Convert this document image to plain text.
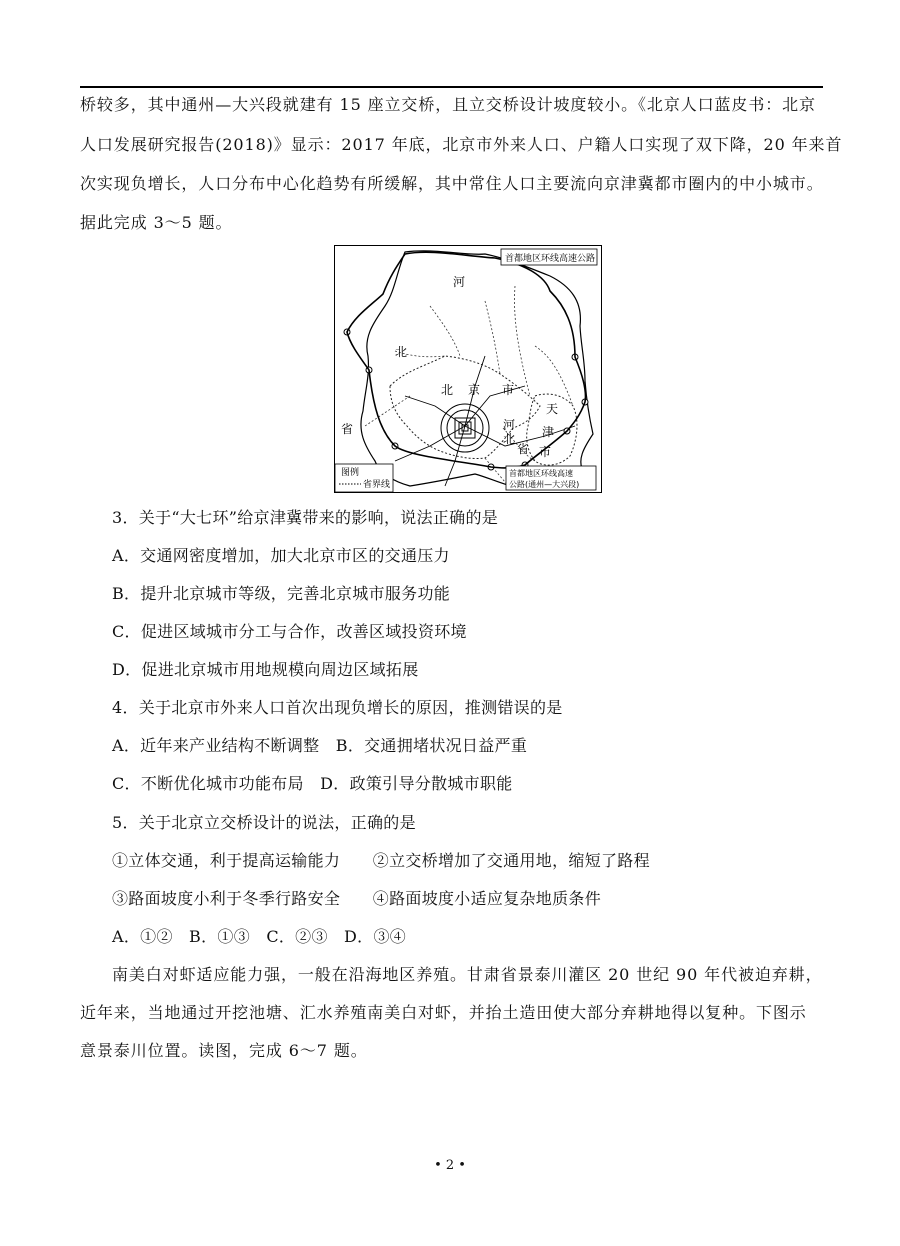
桥较多，其中通州—大兴段就建有 15 座立交桥，且立交桥设计坡度较小。《北京人口蓝皮书：北京
人口发展研究报告(2018)》显示：2017 年底，北京市外来人口、户籍人口实现了双下降，20 年来首
次实现负增长，人口分布中心化趋势有所缓解，其中常住人口主要流向京津冀都市圈内的中小城市。
据此完成 3～5 题。
河
北
省
北 京 市
天
津
市
河
北
省
首都地区环线高速公路
首都地区环线高速
公路(通州—大兴段)
图例
省界线

3．关于“大七环”给京津冀带来的影响，说法正确的是

A．交通网密度增加，加大北京市区的交通压力

B．提升北京城市等级，完善北京城市服务功能

C．促进区域城市分工与合作，改善区域投资环境

D．促进北京城市用地规模向周边区域拓展

4．关于北京市外来人口首次出现负增长的原因，推测错误的是

A．近年来产业结构不断调整　B．交通拥堵状况日益严重

C．不断优化城市功能布局　D．政策引导分散城市职能

5．关于北京立交桥设计的说法，正确的是

①立体交通，利于提高运输能力　　②立交桥增加了交通用地，缩短了路程

③路面坡度小利于冬季行路安全　　④路面坡度小适应复杂地质条件

A．①②　B．①③　C．②③　D．③④

南美白对虾适应能力强，一般在沿海地区养殖。甘肃省景泰川灌区 20 世纪 90 年代被迫弃耕，
近年来，当地通过开挖池塘、汇水养殖南美白对虾，并抬土造田使大部分弃耕地得以复种。下图示
意景泰川位置。读图，完成 6～7 题。
• 2 •
